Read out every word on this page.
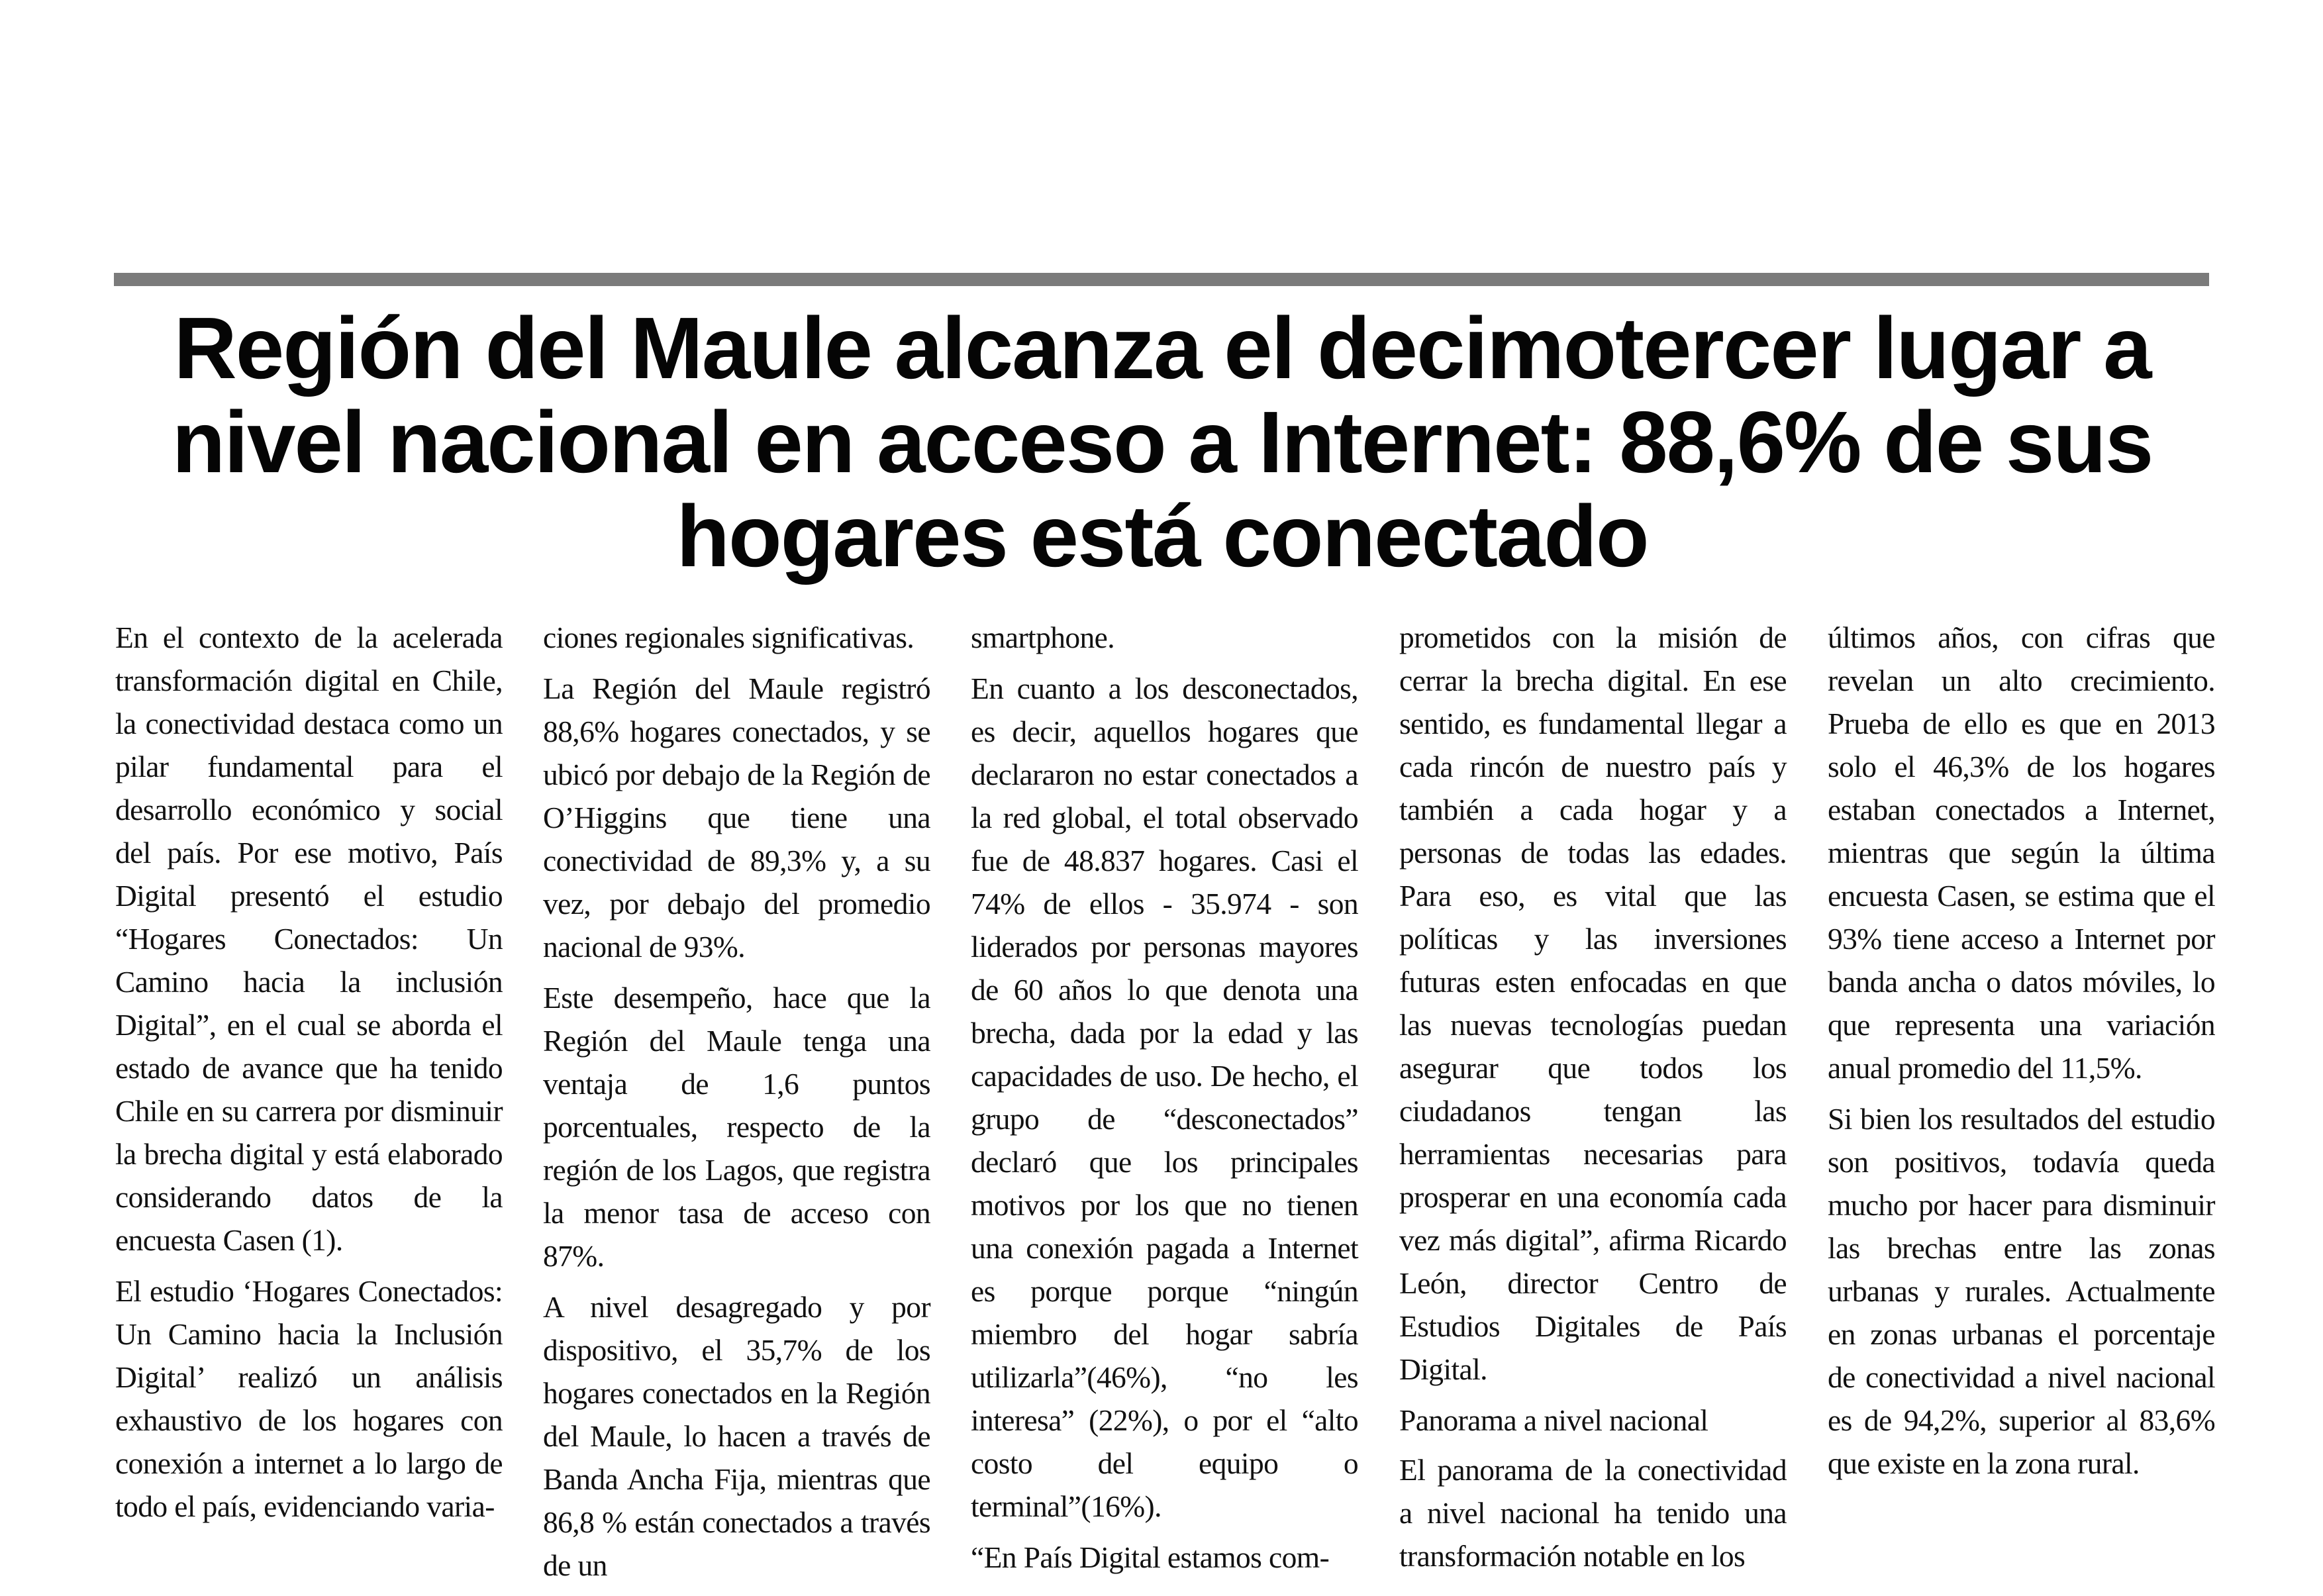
Región del Maule alcanza el decimotercer lugar a nivel nacional en acceso a Internet: 88,6% de sus hogares está conectado

En el contexto de la acelerada transformación digital en Chile, la conectividad destaca como un pilar fundamental para el desarrollo económico y social del país. Por ese motivo, País Digital presentó el estudio “Hogares Conectados: Un Camino hacia la inclusión Digital”, en el cual se aborda el estado de avance que ha tenido Chile en su carrera por disminuir la brecha digital y está elaborado considerando datos de la encuesta Casen (1).

El estudio ‘Hogares Conectados: Un Camino hacia la Inclusión Digital’ realizó un análisis exhaustivo de los hogares con conexión a internet a lo largo de todo el país, evidenciando varia-

ciones regionales significativas.

La Región del Maule registró 88,6% hogares conectados, y se ubicó por debajo de la Región de O’Higgins que tiene una conectividad de 89,3% y, a su vez, por debajo del promedio nacional de 93%.

Este desempeño, hace que la Región del Maule tenga una ventaja de 1,6 puntos porcentuales, respecto de la región de los Lagos, que registra la menor tasa de acceso con 87%.

A nivel desagregado y por dispositivo, el 35,7% de los hogares conectados en la Región del Maule, lo hacen a través de Banda Ancha Fija, mientras que 86,8 % están conectados a través de un

smartphone.

En cuanto a los desconectados, es decir, aquellos hogares que declararon no estar conectados a la red global, el total observado fue de 48.837 hogares. Casi el 74% de ellos - 35.974 - son liderados por personas mayores de 60 años lo que denota una brecha, dada por la edad y las capacidades de uso. De hecho, el grupo de “desconectados” declaró que los principales motivos por los que no tienen una conexión pagada a Internet es porque porque “ningún miembro del hogar sabría utilizarla”(46%), “no les interesa” (22%), o por el “alto costo del equipo o terminal”(16%).

“En País Digital estamos com-

prometidos con la misión de cerrar la brecha digital. En ese sentido, es fundamental llegar a cada rincón de nuestro país y también a cada hogar y a personas de todas las edades. Para eso, es vital que las políticas y las inversiones futuras esten enfocadas en que las nuevas tecnologías puedan asegurar que todos los ciudadanos tengan las herramientas necesarias para prosperar en una economía cada vez más digital”, afirma Ricardo León, director Centro de Estudios Digitales de País Digital.

Panorama a nivel nacional

El panorama de la conectividad a nivel nacional ha tenido una transformación notable en los

últimos años, con cifras que revelan un alto crecimiento. Prueba de ello es que en 2013 solo el 46,3% de los hogares estaban conectados a Internet, mientras que según la última encuesta Casen, se estima que el 93% tiene acceso a Internet por banda ancha o datos móviles, lo que representa una variación anual promedio del 11,5%.

Si bien los resultados del estudio son positivos, todavía queda mucho por hacer para disminuir las brechas entre las zonas urbanas y rurales. Actualmente en zonas urbanas el porcentaje de conectividad a nivel nacional es de 94,2%, superior al 83,6% que existe en la zona rural.
